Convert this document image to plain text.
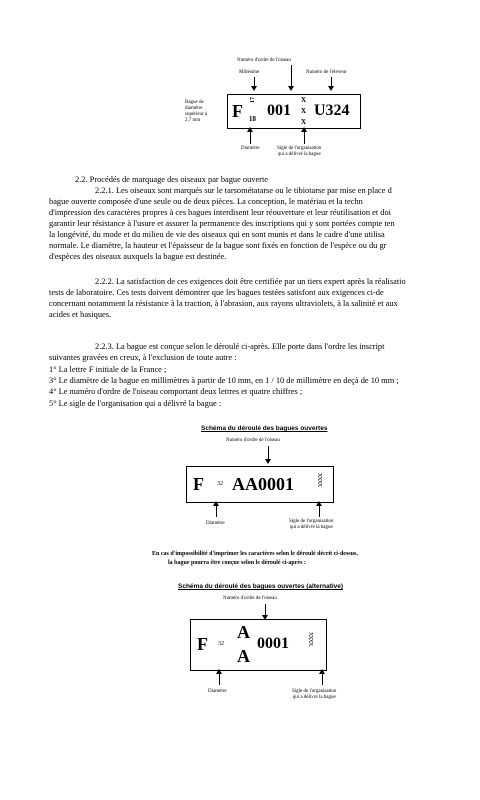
Numéro d'ordre de l'oiseau
Millésime	Numéro de l'éleveur
Bague de
diamètre
supérieur à
2,7 mm	F
17
18 001
X
X
X
U324
Diamètre	Sigle de l'organisation
qui a délivré la bague
2.2. Procédés de marquage des oiseaux par bague ouverte
2.2.1. Les oiseaux sont marqués sur le tarsométatarse ou le tibiotarse par mise en place d
bague ouverte composée d'une seule ou de deux pièces. La conception, le matériau et la techn
d'impression des caractères propres à ces bagues interdisent leur réouverture et leur réutilisation et doi
garantir leur résistance à l'usure et assurer la permanence des inscriptions qui y sont portées compte ten
la longévité, du mode et du milieu de vie des oiseaux qui en sont munis et dans le cadre d'une utilisa
normale. Le diamètre, la hauteur et l'épaisseur de la bague sont fixés en fonction de l'espèce ou du gr
d'espèces des oiseaux auxquels la bague est destinée.
2.2.2. La satisfaction de ces exigences doit être certifiée par un tiers expert après la réalisatio
tests de laboratoire. Ces tests doivent démontrer que les bagues testées satisfont aux exigences ci-de
concernant notamment la résistance à la traction, à l'abrasion, aux rayons ultraviolets, à la salinité et aux
acides et basiques.
2.2.3. La bague est conçue selon le déroulé ci-après. Elle porte dans l'ordre les inscript
suivantes gravées en creux, à l'exclusion de toute autre :
1° La lettre F initiale de la France ;
3° Le diamètre de la bague en millimètres à partir de 10 mm, en 1 / 10 de millimètre en deçà de 10 mm ;
4° Le numéro d'ordre de l'oiseau comportant deux lettres et quatre chiffres ;
5° Le sigle de l'organisation qui a délivré la bague :
Schéma du déroulé des bagues ouvertes
Numéro d'ordre de l'oiseau
F 32 AA0001	XXXX
Diamètre	Sigle de l'organisation
qui a délivré la bague
En cas d'impossibilité d'imprimer les caractères selon le déroulé décrit ci-dessus,
la bague pourra être conçue selon le déroulé ci-après :
Schéma du déroulé des bagues ouvertes (alternative)
Numéro d'ordre de l'oiseau
F 32
A
A
0001	XXXX
Diamètre	Sigle de l'organisation
qui a délivré la bague
